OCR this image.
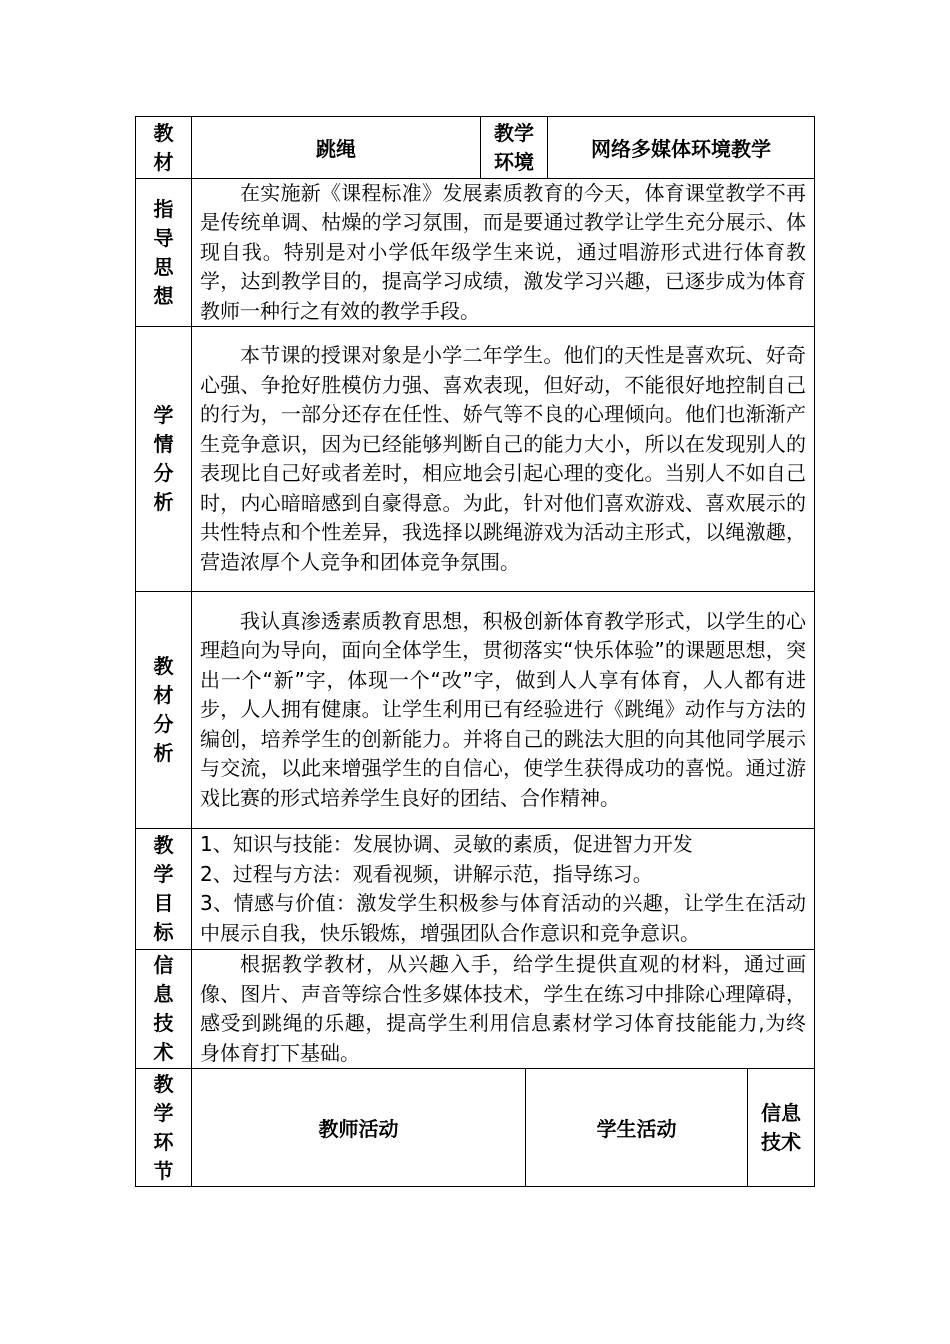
教材
跳绳
教学环境
网络多媒体环境教学
指导思想

在实施新《课程标准》发展素质教育的今天，体育课堂教学不再是传统单调、枯燥的学习氛围，而是要通过教学让学生充分展示、体现自我。特别是对小学低年级学生来说，通过唱游形式进行体育教学，达到教学目的，提高学习成绩，激发学习兴趣，已逐步成为体育教师一种行之有效的教学手段。

学情分析

本节课的授课对象是小学二年学生。他们的天性是喜欢玩、好奇心强、争抢好胜模仿力强、喜欢表现，但好动，不能很好地控制自己的行为，一部分还存在任性、娇气等不良的心理倾向。他们也渐渐产生竞争意识，因为已经能够判断自己的能力大小，所以在发现别人的表现比自己好或者差时，相应地会引起心理的变化。当别人不如自己时，内心暗暗感到自豪得意。为此，针对他们喜欢游戏、喜欢展示的共性特点和个性差异，我选择以跳绳游戏为活动主形式，以绳激趣，营造浓厚个人竞争和团体竞争氛围。

教材分析

我认真渗透素质教育思想，积极创新体育教学形式，以学生的心理趋向为导向，面向全体学生，贯彻落实“快乐体验”的课题思想，突出一个“新”字，体现一个“改”字，做到人人享有体育，人人都有进步，人人拥有健康。让学生利用已有经验进行《跳绳》动作与方法的编创，培养学生的创新能力。并将自己的跳法大胆的向其他同学展示与交流，以此来增强学生的自信心，使学生获得成功的喜悦。通过游戏比赛的形式培养学生良好的团结、合作精神。

教学目标
1、知识与技能：发展协调、灵敏的素质，促进智力开发
2、过程与方法：观看视频，讲解示范，指导练习。
3、情感与价值：激发学生积极参与体育活动的兴趣，让学生在活动中展示自我，快乐锻炼，增强团队合作意识和竞争意识。
信息技术

根据教学教材，从兴趣入手，给学生提供直观的材料，通过画像、图片、声音等综合性多媒体技术，学生在练习中排除心理障碍，感受到跳绳的乐趣，提高学生利用信息素材学习体育技能能力,为终身体育打下基础。

教学环节
教师活动	学生活动
信息技术
